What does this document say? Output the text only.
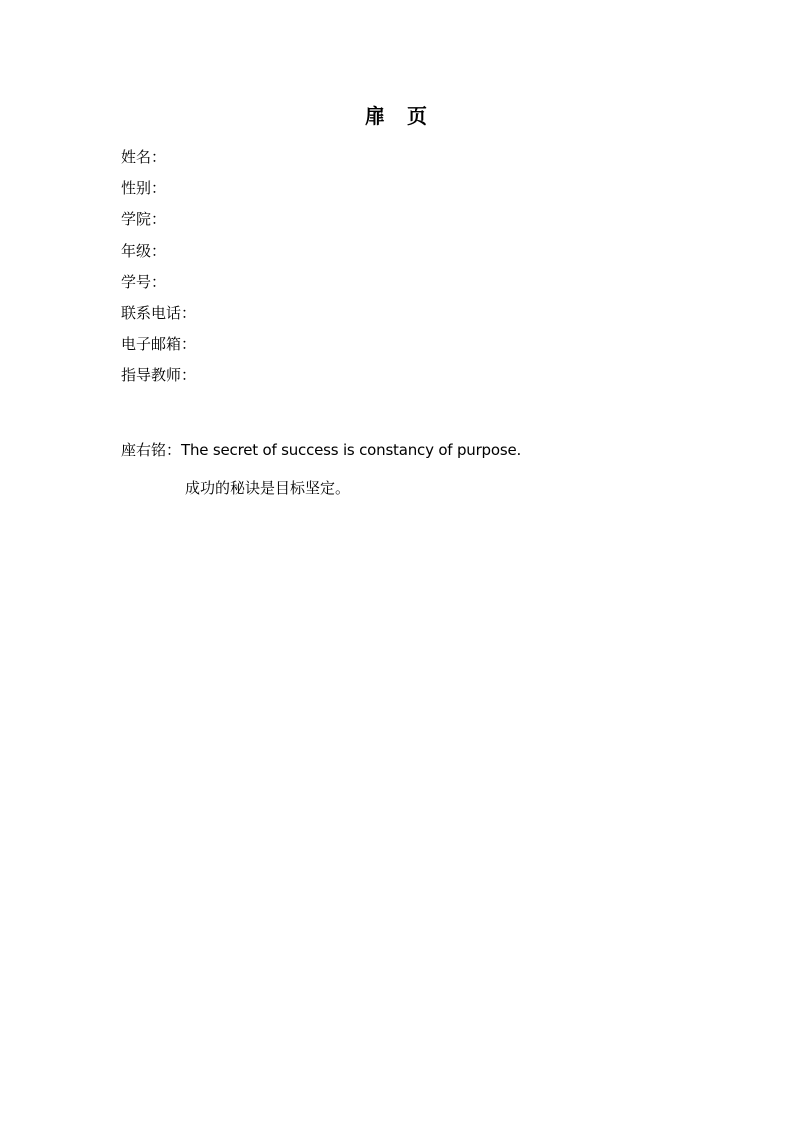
扉　页
姓名：
性别：
学院：
年级：
学号：
联系电话：
电子邮箱：
指导教师：
座右铭：The secret of success is constancy of purpose.
成功的秘诀是目标坚定。
